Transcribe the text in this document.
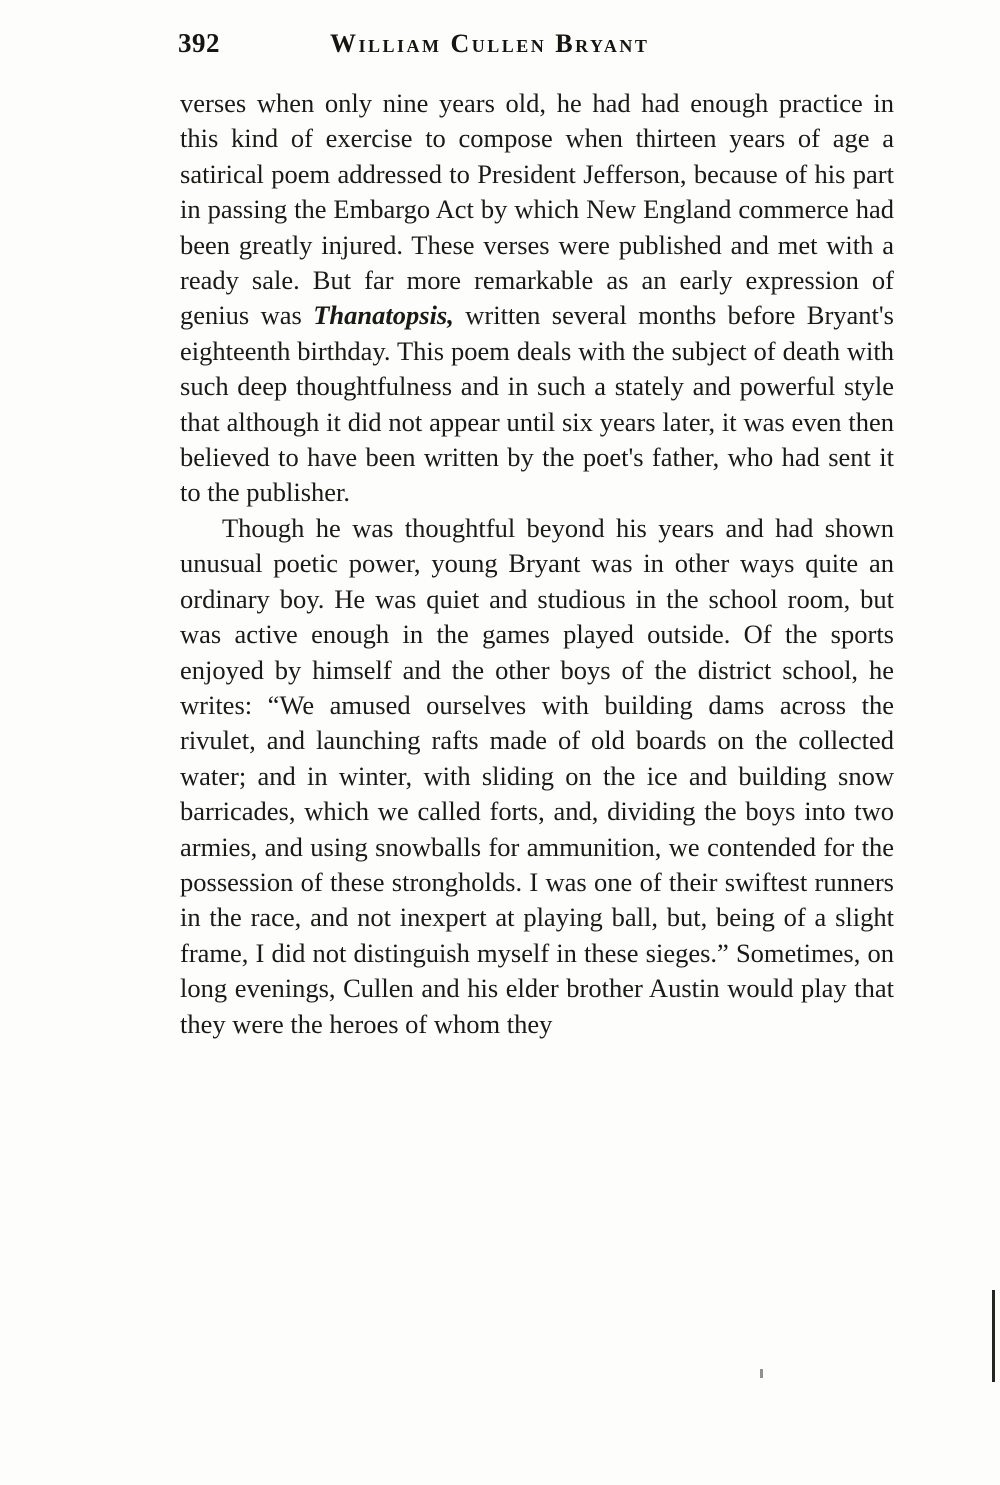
392	William Cullen Bryant

verses when only nine years old, he had had enough practice in this kind of exercise to compose when thirteen years of age a satirical poem addressed to President Jefferson, because of his part in passing the Embargo Act by which New England commerce had been greatly injured. These verses were published and met with a ready sale. But far more remarkable as an early expression of genius was Thanatopsis, written several months before Bryant's eighteenth birthday. This poem deals with the subject of death with such deep thoughtfulness and in such a stately and powerful style that although it did not appear until six years later, it was even then believed to have been written by the poet's father, who had sent it to the publisher.

Though he was thoughtful beyond his years and had shown unusual poetic power, young Bryant was in other ways quite an ordinary boy. He was quiet and studious in the school room, but was active enough in the games played outside. Of the sports enjoyed by himself and the other boys of the district school, he writes: “We amused ourselves with building dams across the rivulet, and launching rafts made of old boards on the collected water; and in winter, with sliding on the ice and building snow barricades, which we called forts, and, dividing the boys into two armies, and using snowballs for ammunition, we contended for the possession of these strongholds. I was one of their swiftest runners in the race, and not inexpert at playing ball, but, being of a slight frame, I did not distinguish myself in these sieges.” Sometimes, on long evenings, Cullen and his elder brother Austin would play that they were the heroes of whom they
